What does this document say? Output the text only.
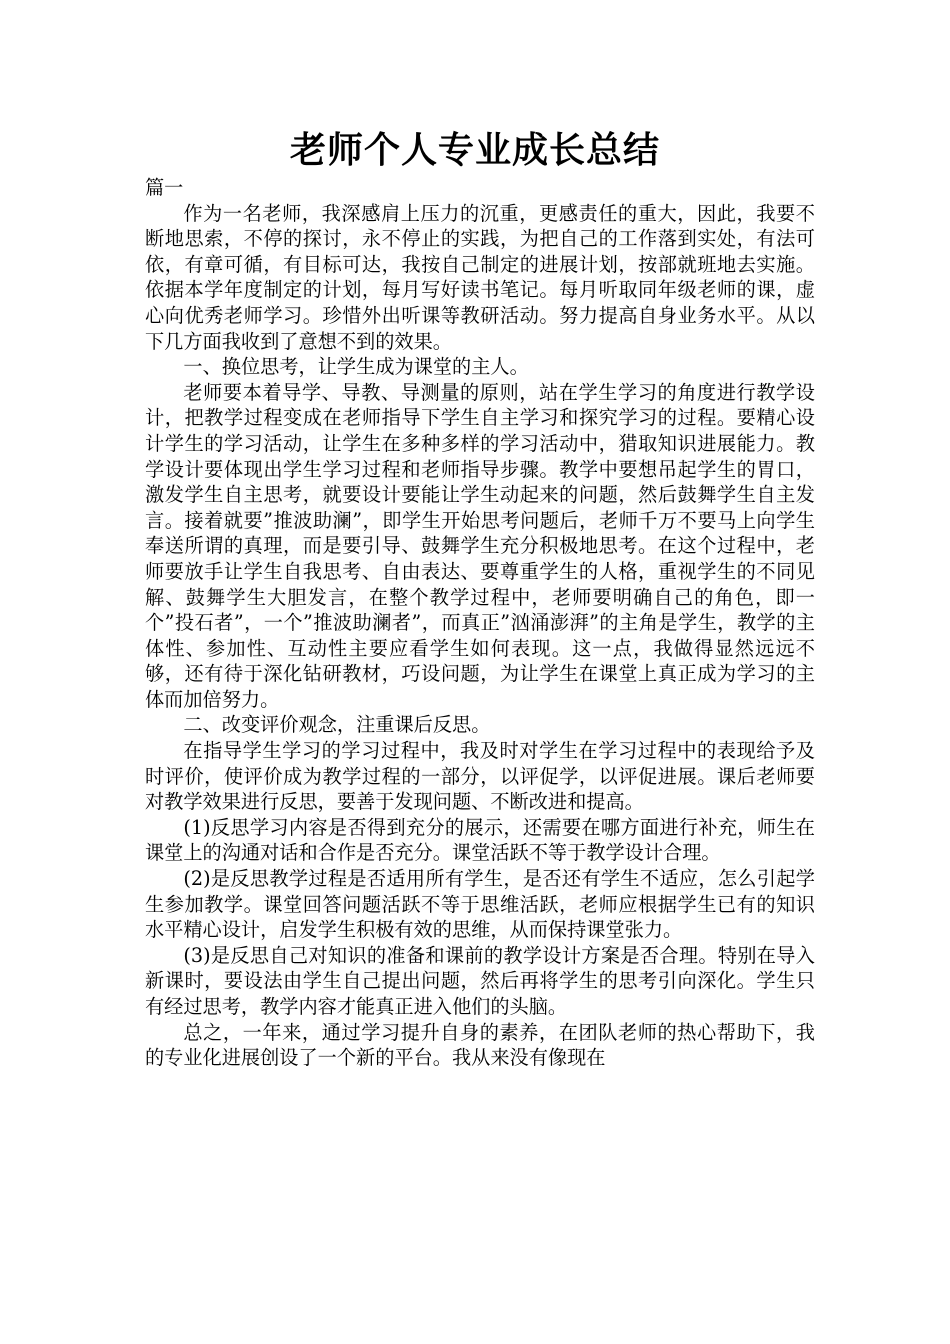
老师个人专业成长总结

篇一

作为一名老师，我深感肩上压力的沉重，更感责任的重大，因此，我要不断地思索，不停的探讨，永不停止的实践，为把自己的工作落到实处，有法可依，有章可循，有目标可达，我按自己制定的进展计划，按部就班地去实施。依据本学年度制定的计划，每月写好读书笔记。每月听取同年级老师的课，虚心向优秀老师学习。珍惜外出听课等教研活动。努力提高自身业务水平。从以下几方面我收到了意想不到的效果。

一、换位思考，让学生成为课堂的主人。

老师要本着导学、导教、导测量的原则，站在学生学习的角度进行教学设计，把教学过程变成在老师指导下学生自主学习和探究学习的过程。要精心设计学生的学习活动，让学生在多种多样的学习活动中，猎取知识进展能力。教学设计要体现出学生学习过程和老师指导步骤。教学中要想吊起学生的胃口，激发学生自主思考，就要设计要能让学生动起来的问题，然后鼓舞学生自主发言。接着就要”推波助澜”，即学生开始思考问题后，老师千万不要马上向学生奉送所谓的真理，而是要引导、鼓舞学生充分积极地思考。在这个过程中，老师要放手让学生自我思考、自由表达、要尊重学生的人格，重视学生的不同见解、鼓舞学生大胆发言，在整个教学过程中，老师要明确自己的角色，即一个”投石者”，一个”推波助澜者”，而真正”汹涌澎湃”的主角是学生，教学的主体性、参加性、互动性主要应看学生如何表现。这一点，我做得显然远远不够，还有待于深化钻研教材，巧设问题，为让学生在课堂上真正成为学习的主体而加倍努力。

二、改变评价观念，注重课后反思。

在指导学生学习的学习过程中，我及时对学生在学习过程中的表现给予及时评价，使评价成为教学过程的一部分，以评促学，以评促进展。课后老师要对教学效果进行反思，要善于发现问题、不断改进和提高。

(1)反思学习内容是否得到充分的展示，还需要在哪方面进行补充，师生在课堂上的沟通对话和合作是否充分。课堂活跃不等于教学设计合理。

(2)是反思教学过程是否适用所有学生，是否还有学生不适应，怎么引起学生参加教学。课堂回答问题活跃不等于思维活跃，老师应根据学生已有的知识水平精心设计，启发学生积极有效的思维，从而保持课堂张力。

(3)是反思自己对知识的准备和课前的教学设计方案是否合理。特别在导入新课时，要设法由学生自己提出问题，然后再将学生的思考引向深化。学生只有经过思考，教学内容才能真正进入他们的头脑。

总之，一年来，通过学习提升自身的素养，在团队老师的热心帮助下，我的专业化进展创设了一个新的平台。我从来没有像现在
